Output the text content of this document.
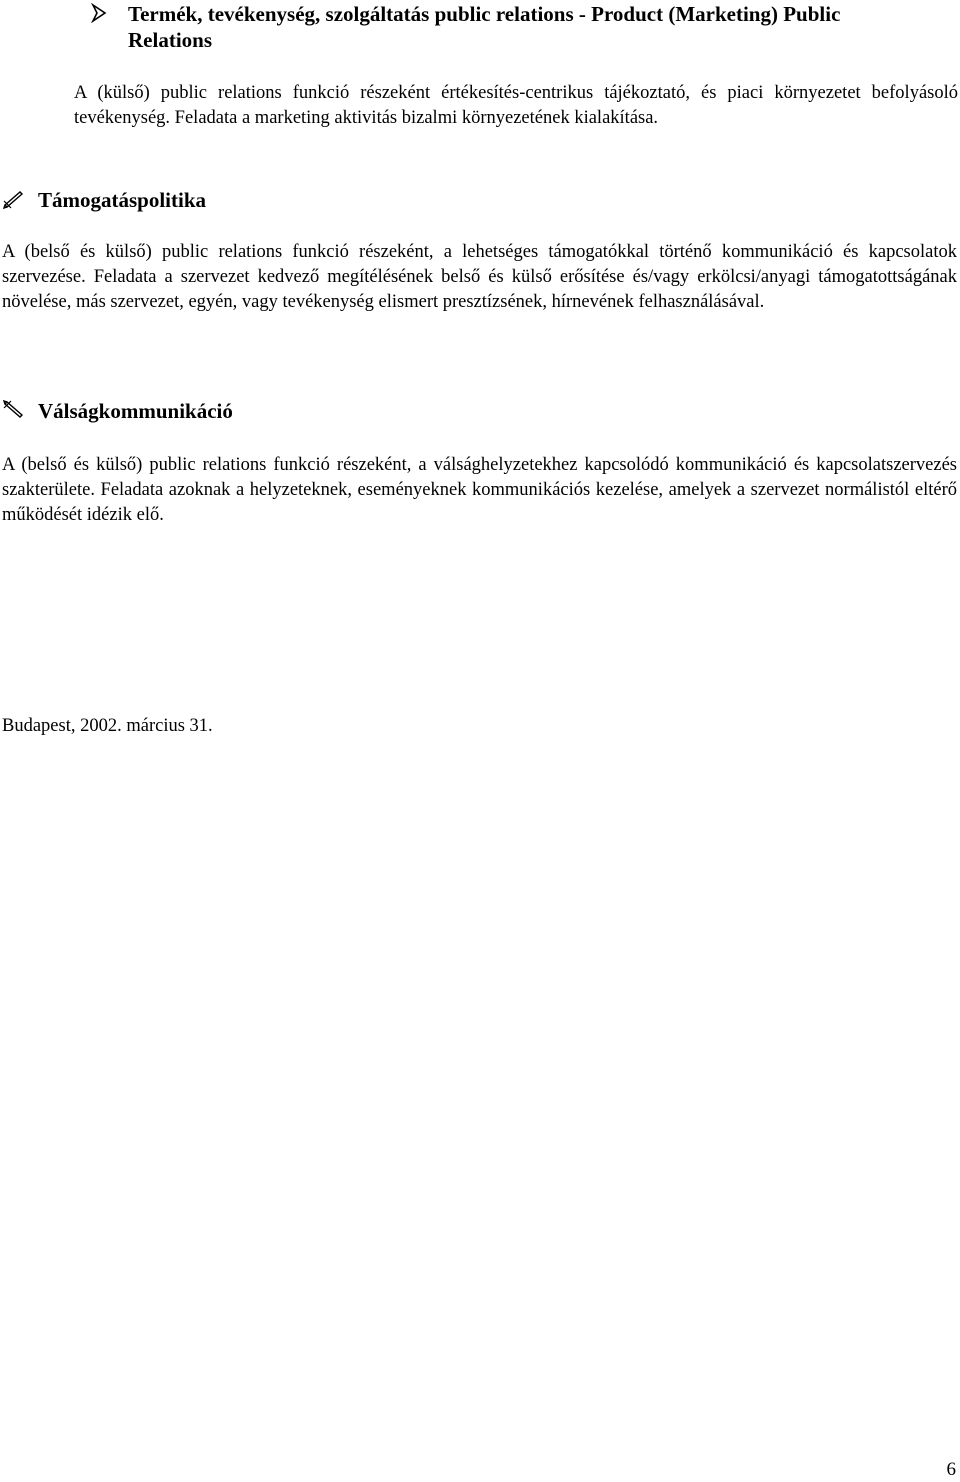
Termék, tevékenység, szolgáltatás public relations - Product (Marketing) Public Relations

A (külső) public relations funkció részeként értékesítés-centrikus tájékoztató, és piaci környezetet befolyásoló tevékenység. Feladata a marketing aktivitás bizalmi környezetének kialakítása.

Támogatáspolitika

A (belső és külső) public relations funkció részeként, a lehetséges támogatókkal történő kommunikáció és kapcsolatok szervezése. Feladata a szervezet kedvező megítélésének belső és külső erősítése és/vagy erkölcsi/anyagi támogatottságának növelése, más szervezet, egyén, vagy tevékenység elismert presztízsének, hírnevének felhasználásával.

Válságkommunikáció

A (belső és külső) public relations funkció részeként, a válsághelyzetekhez kapcsolódó kommunikáció és kapcsolatszervezés szakterülete. Feladata azoknak a helyzeteknek, eseményeknek kommunikációs kezelése, amelyek a szervezet normálistól eltérő működését idézik elő.

Budapest, 2002. március 31.

6
